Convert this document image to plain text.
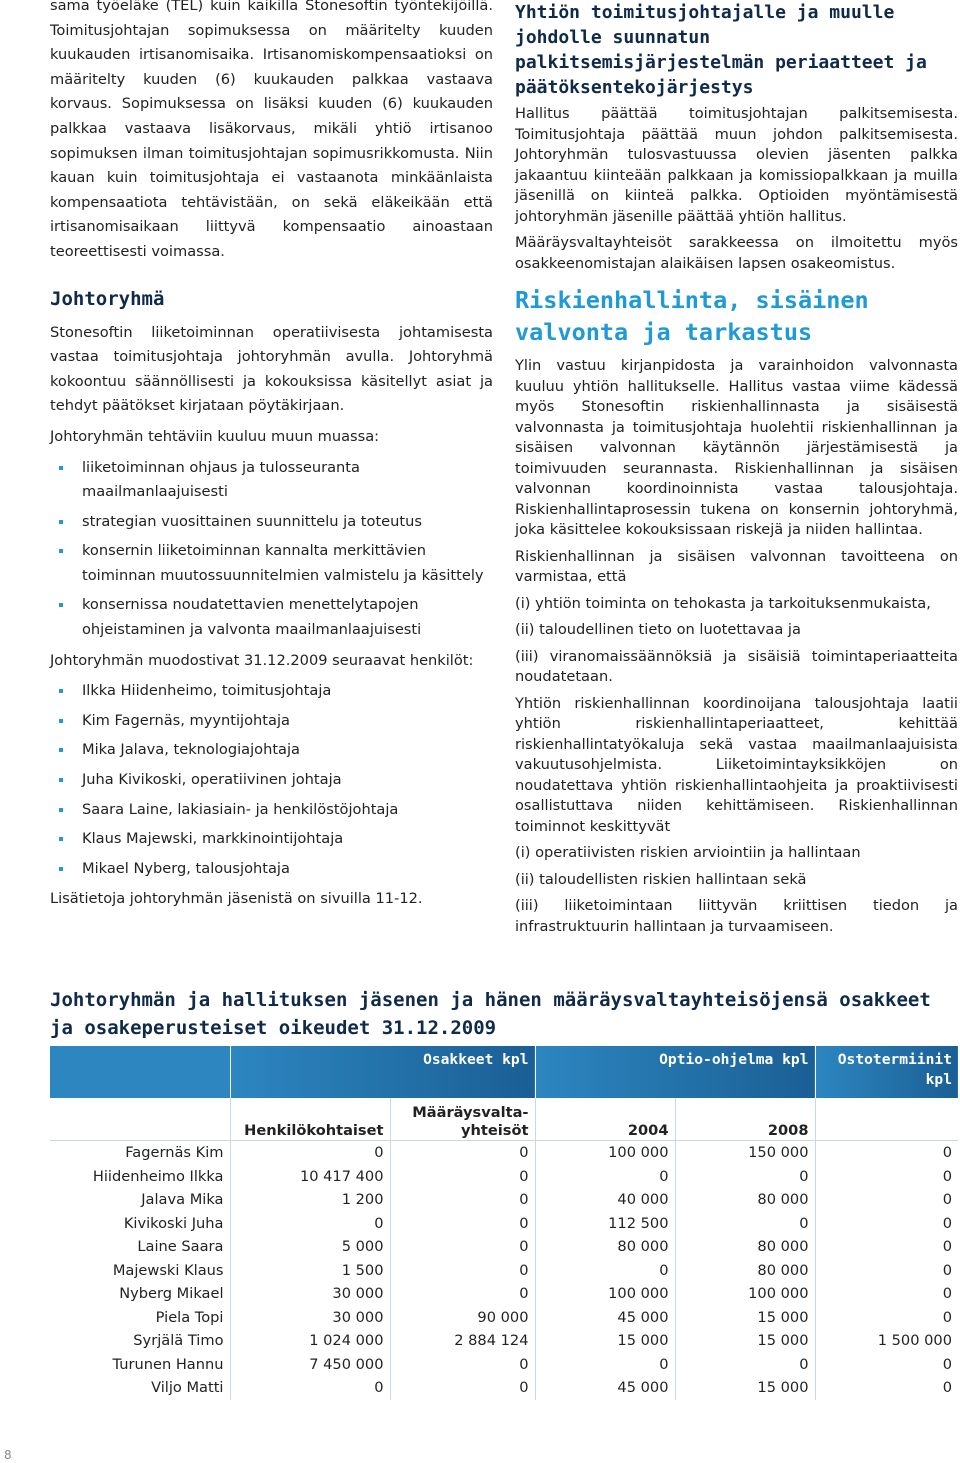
sama työeläke (TEL) kuin kaikilla Stonesoftin työntekijöillä. Toimitusjohtajan sopimuksessa on määritelty kuuden kuukauden irtisanomisaika. Irtisanomiskompensaatioksi on määritelty kuuden (6) kuukauden palkkaa vastaava korvaus. Sopimuksessa on lisäksi kuuden (6) kuukauden palkkaa vastaava lisäkorvaus, mikäli yhtiö irtisanoo sopimuksen ilman toimitusjohtajan sopimusrikkomusta. Niin kauan kuin toimitusjohtaja ei vastaanota minkäänlaista kompensaatiota tehtävistään, on sekä eläkeikään että irtisanomisaikaan liittyvä kompensaatio ainoastaan teoreettisesti voimassa.

Johtoryhmä

Stonesoftin liiketoiminnan operatiivisesta johtamisesta vastaa toimitusjohtaja johtoryhmän avulla. Johtoryhmä kokoontuu säännöllisesti ja kokouksissa käsitellyt asiat ja tehdyt päätökset kirjataan pöytäkirjaan.

Johtoryhmän tehtäviin kuuluu muun muassa:

liiketoiminnan ohjaus ja tulosseuranta maailmanlaajuisesti
strategian vuosittainen suunnittelu ja toteutus
konsernin liiketoiminnan kannalta merkittävien toiminnan muutossuunnitelmien valmistelu ja käsittely
konsernissa noudatettavien menettelytapojen ohjeistaminen ja valvonta maailmanlaajuisesti

Johtoryhmän muodostivat 31.12.2009 seuraavat henkilöt:

Ilkka Hiidenheimo, toimitusjohtaja
Kim Fagernäs, myyntijohtaja
Mika Jalava, teknologiajohtaja
Juha Kivikoski, operatiivinen johtaja
Saara Laine, lakiasiain- ja henkilöstöjohtaja
Klaus Majewski, markkinointijohtaja
Mikael Nyberg, talousjohtaja

Lisätietoja johtoryhmän jäsenistä on sivuilla 11-12.

Yhtiön toimitusjohtajalle ja muulle johdolle suunnatun palkitsemisjärjestelmän periaatteet ja päätöksentekojärjestys

Hallitus päättää toimitusjohtajan palkitsemisesta. Toimitusjohtaja päättää muun johdon palkitsemisesta. Johtoryhmän tulosvastuussa olevien jäsenten palkka jakaantuu kiinteään palkkaan ja komissiopalkkaan ja muilla jäsenillä on kiinteä palkka. Optioiden myöntämisestä johtoryhmän jäsenille päättää yhtiön hallitus.

Määräysvaltayhteisöt sarakkeessa on ilmoitettu myös osakkeenomistajan alaikäisen lapsen osakeomistus.

Riskienhallinta, sisäinen valvonta ja tarkastus

Ylin vastuu kirjanpidosta ja varainhoidon valvonnasta kuuluu yhtiön hallitukselle. Hallitus vastaa viime kädessä myös Stonesoftin riskienhallinnasta ja sisäisestä valvonnasta ja toimitusjohtaja huolehtii riskienhallinnan ja sisäisen valvonnan käytännön järjestämisestä ja toimivuuden seurannasta. Riskienhallinnan ja sisäisen valvonnan koordinoinnista vastaa talousjohtaja. Riskienhallintaprosessin tukena on konsernin johtoryhmä, joka käsittelee kokouksissaan riskejä ja niiden hallintaa.

Riskienhallinnan ja sisäisen valvonnan tavoitteena on varmistaa, että

(i) yhtiön toiminta on tehokasta ja tarkoituksenmukaista,

(ii) taloudellinen tieto on luotettavaa ja

(iii) viranomaissäännöksiä ja sisäisiä toimintaperiaatteita noudatetaan.

Yhtiön riskienhallinnan koordinoijana talousjohtaja laatii yhtiön riskienhallintaperiaatteet, kehittää riskienhallintatyökaluja sekä vastaa maailmanlaajuisista vakuutusohjelmista. Liiketoimintayksikköjen on noudatettava yhtiön riskienhallintaohjeita ja proaktiivisesti osallistuttava niiden kehittämiseen. Riskienhallinnan toiminnot keskittyvät

(i) operatiivisten riskien arviointiin ja hallintaan

(ii) taloudellisten riskien hallintaan sekä

(iii) liiketoimintaan liittyvän kriittisen tiedon ja infrastruktuurin hallintaan ja turvaamiseen.

Johtoryhmän ja hallituksen jäsenen ja hänen määräysvaltayhteisöjensä osakkeet ja osakeperusteiset oikeudet 31.12.2009
	Osakkeet kpl		Optio-ohjelma kpl		Ostotermiinit kpl
	Henkilökohtaiset	Määräysvalta-yhteisöt	2004	2008	
Fagernäs Kim	0	0	100 000	150 000	0
Hiidenheimo Ilkka	10 417 400	0	0	0	0
Jalava Mika	1 200	0	40 000	80 000	0
Kivikoski Juha	0	0	112 500	0	0
Laine Saara	5 000	0	80 000	80 000	0
Majewski Klaus	1 500	0	0	80 000	0
Nyberg Mikael	30 000	0	100 000	100 000	0
Piela Topi	30 000	90 000	45 000	15 000	0
Syrjälä Timo	1 024 000	2 884 124	15 000	15 000	1 500 000
Turunen Hannu	7 450 000	0	0	0	0
Viljo Matti	0	0	45 000	15 000	0
8
